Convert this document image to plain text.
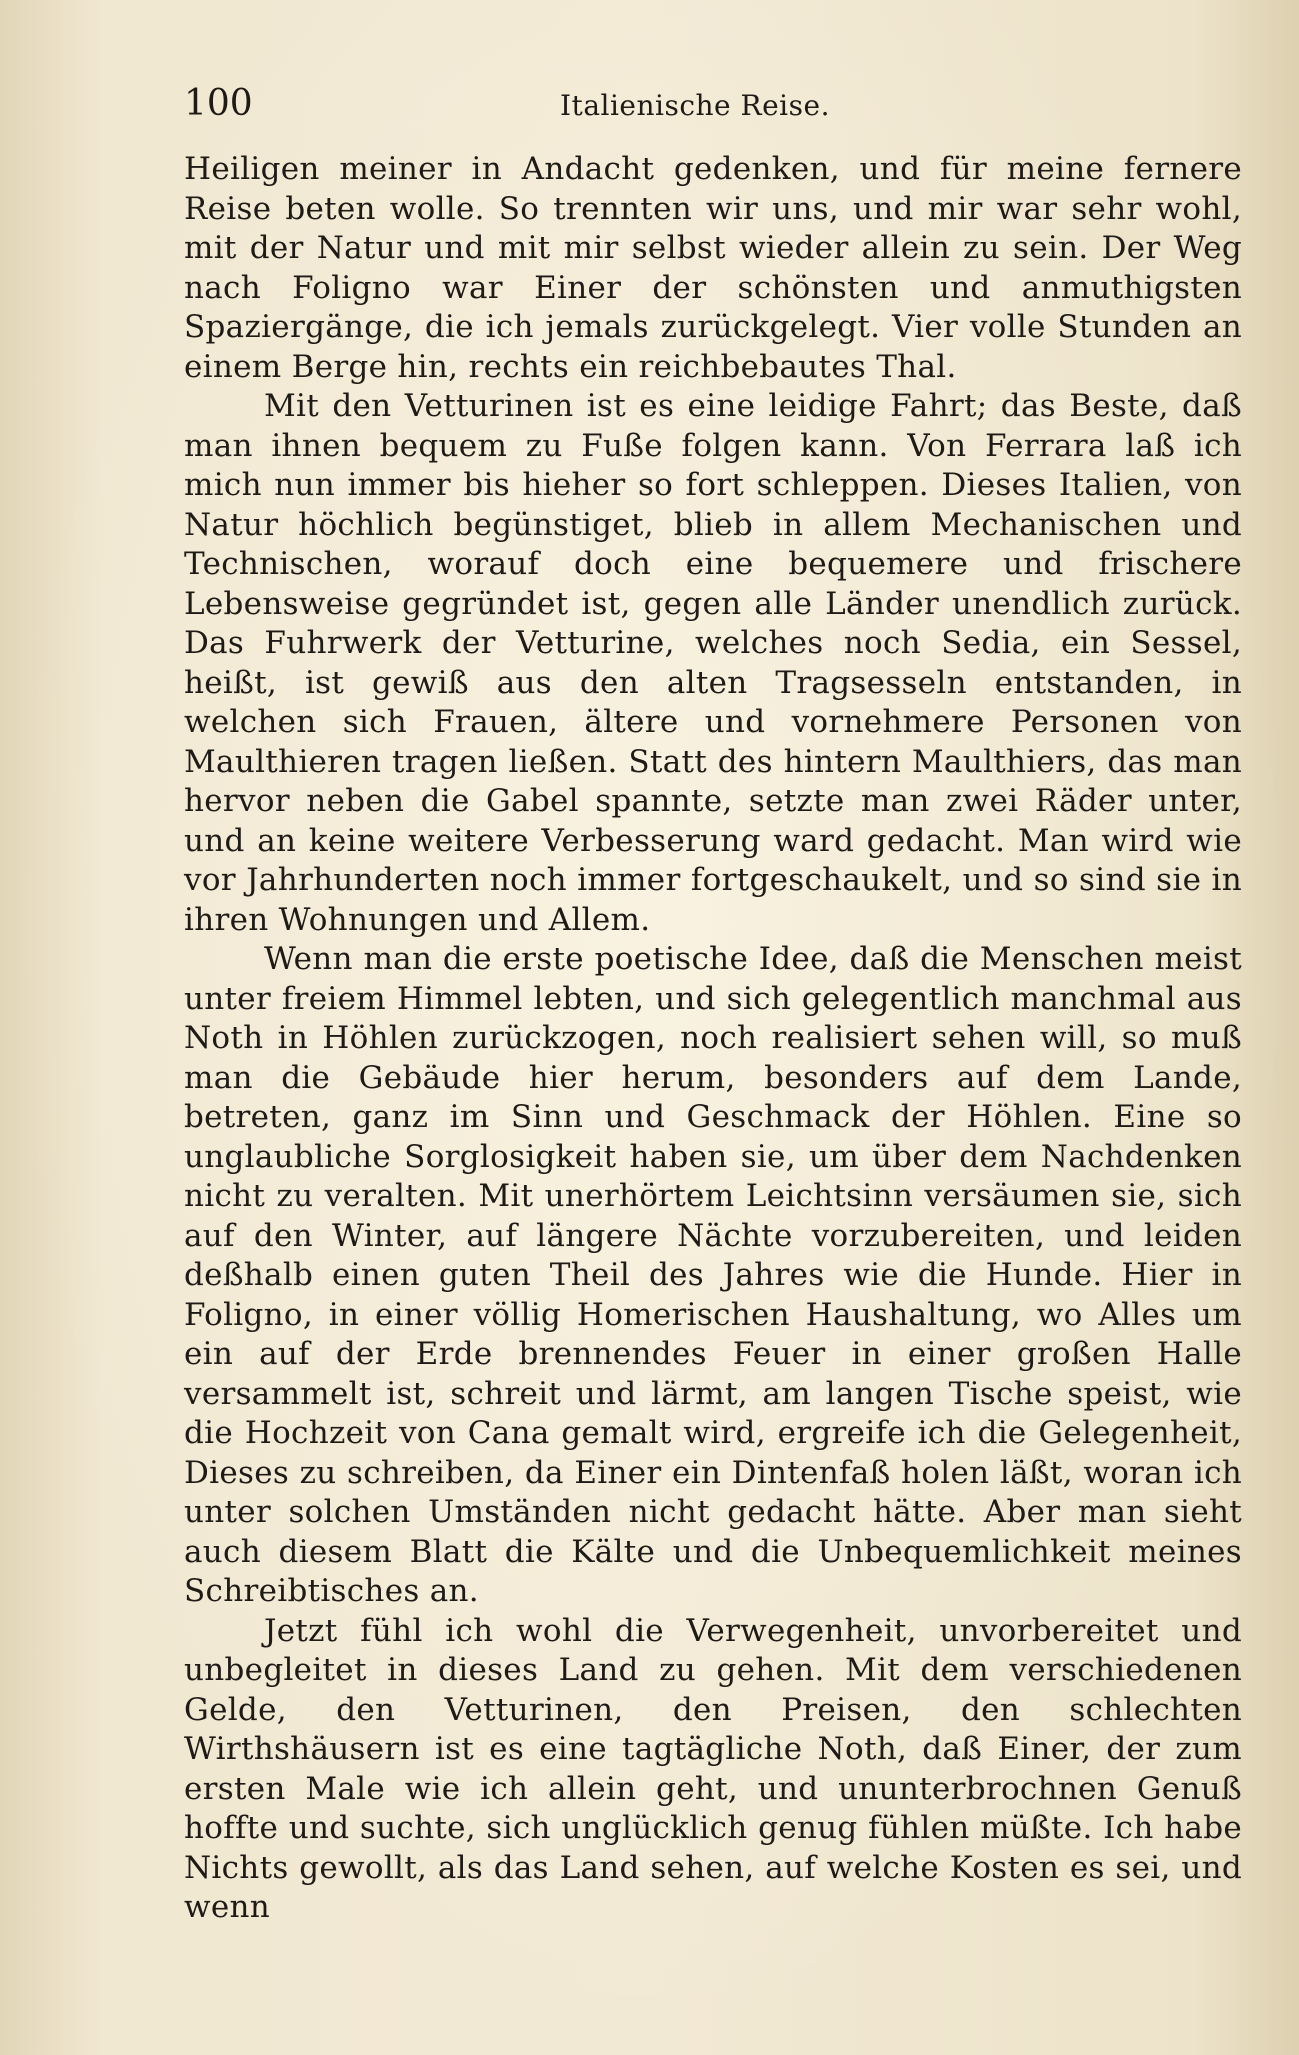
100	Italienische Reise.

Heiligen meiner in Andacht gedenken, und für meine fernere Reise beten wolle. So trennten wir uns, und mir war sehr wohl, mit der Natur und mit mir selbst wieder allein zu sein. Der Weg nach Foligno war Einer der schönsten und anmuthigsten Spaziergänge, die ich jemals zurückgelegt. Vier volle Stunden an einem Berge hin, rechts ein reichbebautes Thal.

Mit den Vetturinen ist es eine leidige Fahrt; das Beste, daß man ihnen bequem zu Fuße folgen kann. Von Ferrara laß ich mich nun immer bis hieher so fort schleppen. Dieses Italien, von Natur höchlich begünstiget, blieb in allem Mechanischen und Technischen, worauf doch eine bequemere und frischere Lebensweise gegründet ist, gegen alle Länder unendlich zurück. Das Fuhrwerk der Vetturine, welches noch Sedia, ein Sessel, heißt, ist gewiß aus den alten Tragsesseln entstanden, in welchen sich Frauen, ältere und vornehmere Personen von Maulthieren tragen ließen. Statt des hintern Maulthiers, das man hervor neben die Gabel spannte, setzte man zwei Räder unter, und an keine weitere Verbesserung ward gedacht. Man wird wie vor Jahrhunderten noch immer fortgeschaukelt, und so sind sie in ihren Wohnungen und Allem.

Wenn man die erste poetische Idee, daß die Menschen meist unter freiem Himmel lebten, und sich gelegentlich manchmal aus Noth in Höhlen zurückzogen, noch realisiert sehen will, so muß man die Gebäude hier herum, besonders auf dem Lande, betreten, ganz im Sinn und Geschmack der Höhlen. Eine so unglaubliche Sorglosigkeit haben sie, um über dem Nachdenken nicht zu veralten. Mit unerhörtem Leichtsinn versäumen sie, sich auf den Winter, auf längere Nächte vorzubereiten, und leiden deßhalb einen guten Theil des Jahres wie die Hunde. Hier in Foligno, in einer völlig Homerischen Haushaltung, wo Alles um ein auf der Erde brennendes Feuer in einer großen Halle versammelt ist, schreit und lärmt, am langen Tische speist, wie die Hochzeit von Cana gemalt wird, ergreife ich die Gelegenheit, Dieses zu schreiben, da Einer ein Dintenfaß holen läßt, woran ich unter solchen Umständen nicht gedacht hätte. Aber man sieht auch diesem Blatt die Kälte und die Unbequemlichkeit meines Schreibtisches an.

Jetzt fühl ich wohl die Verwegenheit, unvorbereitet und unbegleitet in dieses Land zu gehen. Mit dem verschiedenen Gelde, den Vetturinen, den Preisen, den schlechten Wirthshäusern ist es eine tagtägliche Noth, daß Einer, der zum ersten Male wie ich allein geht, und ununterbrochnen Genuß hoffte und suchte, sich unglücklich genug fühlen müßte. Ich habe Nichts gewollt, als das Land sehen, auf welche Kosten es sei, und wenn
